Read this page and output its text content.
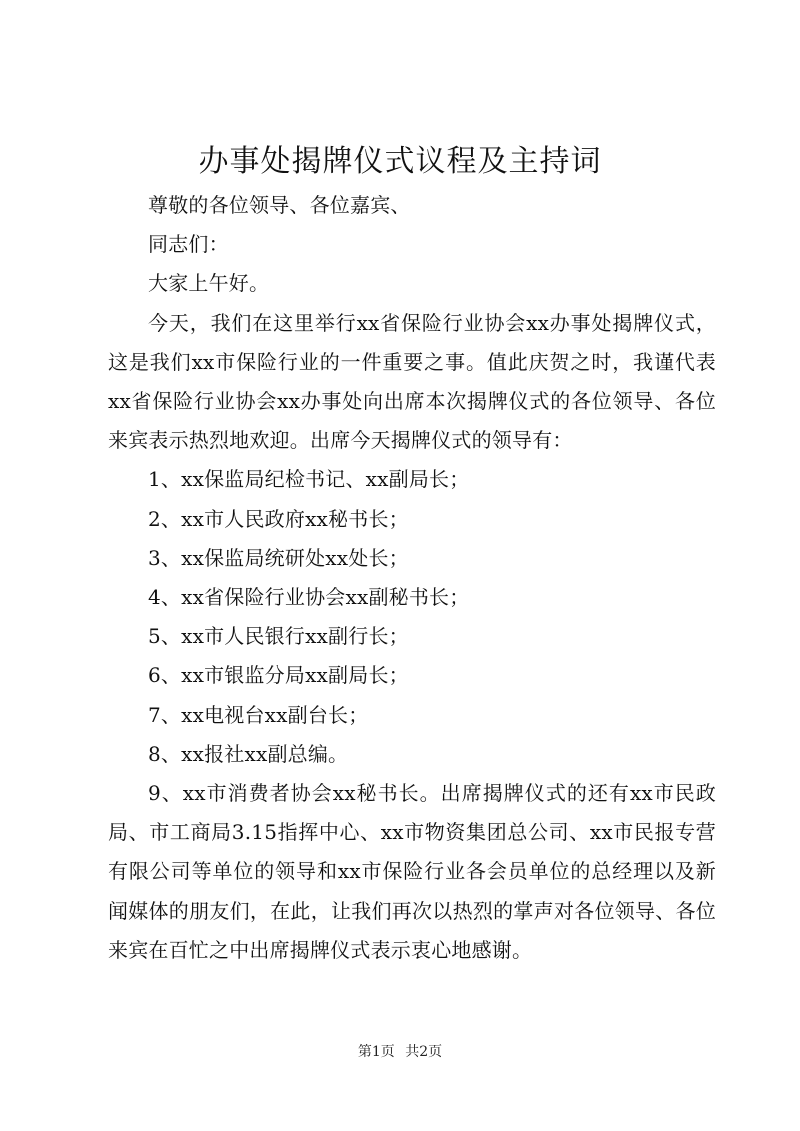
办事处揭牌仪式议程及主持词

尊敬的各位领导、各位嘉宾、

同志们：

大家上午好。

今天，我们在这里举行xx省保险行业协会xx办事处揭牌仪式，这是我们xx市保险行业的一件重要之事。值此庆贺之时，我谨代表xx省保险行业协会xx办事处向出席本次揭牌仪式的各位领导、各位来宾表示热烈地欢迎。出席今天揭牌仪式的领导有：

1、xx保监局纪检书记、xx副局长；

2、xx市人民政府xx秘书长；

3、xx保监局统研处xx处长；

4、xx省保险行业协会xx副秘书长；

5、xx市人民银行xx副行长；

6、xx市银监分局xx副局长；

7、xx电视台xx副台长；

8、xx报社xx副总编。

9、xx市消费者协会xx秘书长。出席揭牌仪式的还有xx市民政局、市工商局3.15指挥中心、xx市物资集团总公司、xx市民报专营有限公司等单位的领导和xx市保险行业各会员单位的总经理以及新闻媒体的朋友们，在此，让我们再次以热烈的掌声对各位领导、各位来宾在百忙之中出席揭牌仪式表示衷心地感谢。

第1页 共2页
